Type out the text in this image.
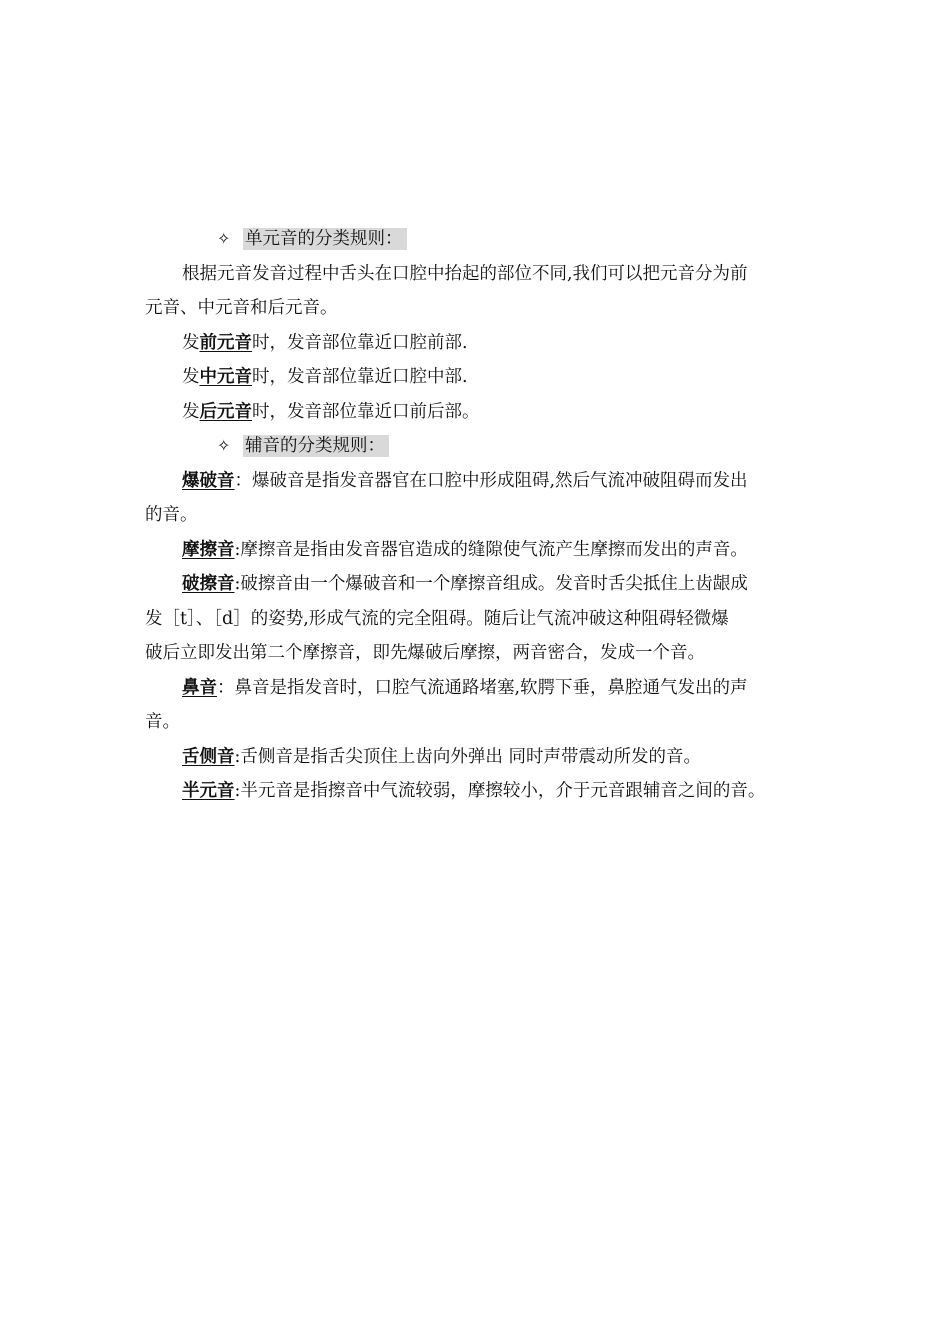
✧ 单元音的分类规则：
根据元音发音过程中舌头在口腔中抬起的部位不同,我们可以把元音分为前
元音、中元音和后元音。
发前元音时，发音部位靠近口腔前部.
发中元音时，发音部位靠近口腔中部.
发后元音时，发音部位靠近口前后部。
✧ 辅音的分类规则：
爆破音：爆破音是指发音器官在口腔中形成阻碍,然后气流冲破阻碍而发出
的音。
摩擦音:摩擦音是指由发音器官造成的缝隙使气流产生摩擦而发出的声音。
破擦音:破擦音由一个爆破音和一个摩擦音组成。发音时舌尖抵住上齿龈成
发［t］、［d］的姿势,形成气流的完全阻碍。随后让气流冲破这种阻碍轻微爆
破后立即发出第二个摩擦音，即先爆破后摩擦，两音密合，发成一个音。
鼻音：鼻音是指发音时，口腔气流通路堵塞,软腭下垂，鼻腔通气发出的声
音。
舌侧音:舌侧音是指舌尖顶住上齿向外弹出 同时声带震动所发的音。
半元音:半元音是指擦音中气流较弱，摩擦较小，介于元音跟辅音之间的音。
